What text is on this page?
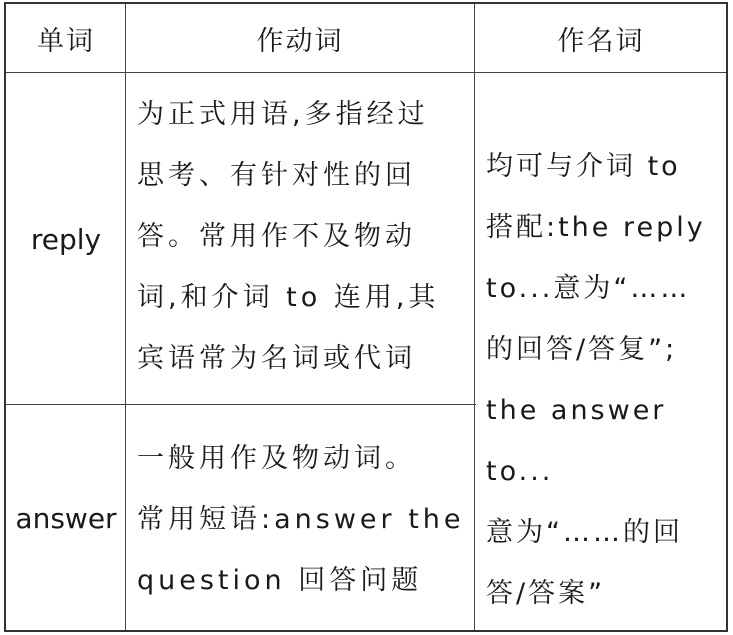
单词	作动词	作名词
reply
为正式用语,多指经过
思考、有针对性的回
答。常用作不及物动
词,和介词 to 连用,其
宾语常为名词或代词
answer
一般用作及物动词。
常用短语:answer the
question 回答问题
均可与介词 to
搭配:the reply
to...意为“……
的回答/答复”;
the answer to...
意为“……的回
答/答案”
